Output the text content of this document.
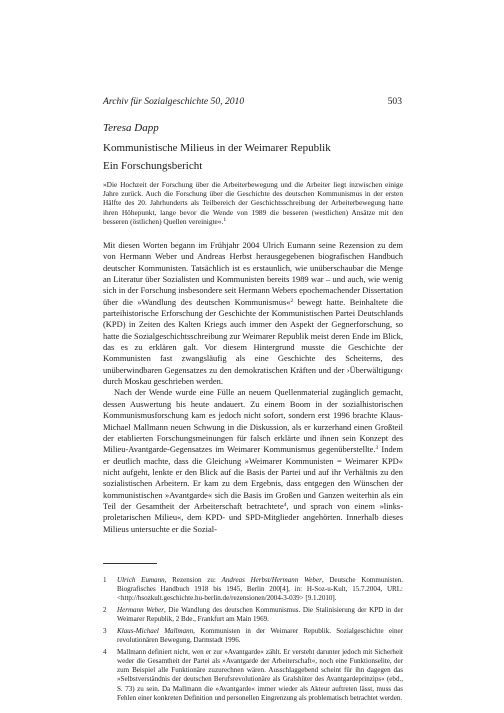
Archiv für Sozialgeschichte 50, 2010	503
Teresa Dapp
Kommunistische Milieus in der Weimarer Republik
Ein Forschungsbericht
»Die Hochzeit der Forschung über die Arbeiterbewegung und die Arbeiter liegt inzwischen einige Jahre zurück. Auch die Forschung über die Geschichte des deutschen Kommunismus in der ersten Hälfte des 20. Jahrhunderts als Teilbereich der Geschichtsschreibung der Arbeiterbewegung hatte ihren Höhepunkt, lange bevor die Wende von 1989 die besseren (westlichen) Ansätze mit den besseren (östlichen) Quellen vereinigte«.$^1$

Mit diesen Worten begann im Frühjahr 2004 Ulrich Eumann seine Rezension zu dem von Hermann Weber und Andreas Herbst herausgegebenen biografischen Handbuch deutscher Kommunisten. Tatsächlich ist es erstaunlich, wie unüberschaubar die Menge an Literatur über Sozialisten und Kommunisten bereits 1989 war – und auch, wie wenig sich in der Forschung insbesondere seit Hermann Webers epochemachender Dissertation über die »Wandlung des deutschen Kommunismus«$^2$ bewegt hatte. Beinhaltete die parteihistorische Erforschung der Geschichte der Kommunistischen Partei Deutschlands (KPD) in Zeiten des Kalten Kriegs auch immer den Aspekt der Gegnerforschung, so hatte die Sozialgeschichtsschreibung zur Weimarer Republik meist deren Ende im Blick, das es zu erklären galt. Vor diesem Hintergrund musste die Geschichte der Kommunisten fast zwangsläufig als eine Geschichte des Scheiterns, des unüberwindbaren Gegensatzes zu den demokratischen Kräften und der ›Überwältigung‹ durch Moskau geschrieben werden.

Nach der Wende wurde eine Fülle an neuem Quellenmaterial zugänglich gemacht, dessen Auswertung bis heute andauert. Zu einem Boom in der sozialhistorischen Kommunismusforschung kam es jedoch nicht sofort, sondern erst 1996 brachte Klaus-Michael Mallmann neuen Schwung in die Diskussion, als er kurzerhand einen Großteil der etablierten Forschungsmeinungen für falsch erklärte und ihnen sein Konzept des Milieu-Avantgarde-Gegensatzes im Weimarer Kommunismus gegenüberstellte.$^3$ Indem er deutlich machte, dass die Gleichung »Weimarer Kommunisten = Weimarer KPD« nicht aufgeht, lenkte er den Blick auf die Basis der Partei und auf ihr Verhältnis zu den sozialistischen Arbeitern. Er kam zu dem Ergebnis, dass entgegen den Wünschen der kommunistischen »Avantgarde« sich die Basis im Großen und Ganzen weiterhin als ein Teil der Gesamtheit der Arbeiterschaft betrachtete$^4$, und sprach von einem »links-proletarischen Milieu«, dem KPD- und SPD-Mitglieder angehörten. Innerhalb dieses Milieus untersuchte er die Sozial-

1 Ulrich Eumann, Rezension zu: Andreas Herbst/Hermann Weber, Deutsche Kommunisten. Biografisches Handbuch 1918 bis 1945, Berlin 200[4], in: H-Soz-u-Kult, 15.7.2004, URL: <http://hsozkult.geschichte.hu-berlin.de/rezensionen/2004-3-039> [9.1.2010].
2 Hermann Weber, Die Wandlung des deutschen Kommunismus. Die Stalinisierung der KPD in der Weimarer Republik, 2 Bde., Frankfurt am Main 1969.
3 Klaus-Michael Mallmann, Kommunisten in der Weimarer Republik. Sozialgeschichte einer revolutionären Bewegung, Darmstadt 1996.
4 Mallmann definiert nicht, wen er zur »Avantgarde« zählt. Er versteht darunter jedoch mit Sicherheit weder die Gesamtheit der Partei als »Avantgarde der Arbeiterschaft«, noch eine Funktionselite, der zum Beispiel alle Funktionäre zuzurechnen wären. Ausschlaggebend scheint für ihn dagegen das »Selbstverständnis der deutschen Berufsrevolutionäre als Gralshüter des Avantgardeprinzips« (ebd., S. 73) zu sein. Da Mallmann die »Avantgarde« immer wieder als Akteur auftreten lässt, muss das Fehlen einer konkreten Definition und personellen Eingrenzung als problematisch betrachtet werden.
